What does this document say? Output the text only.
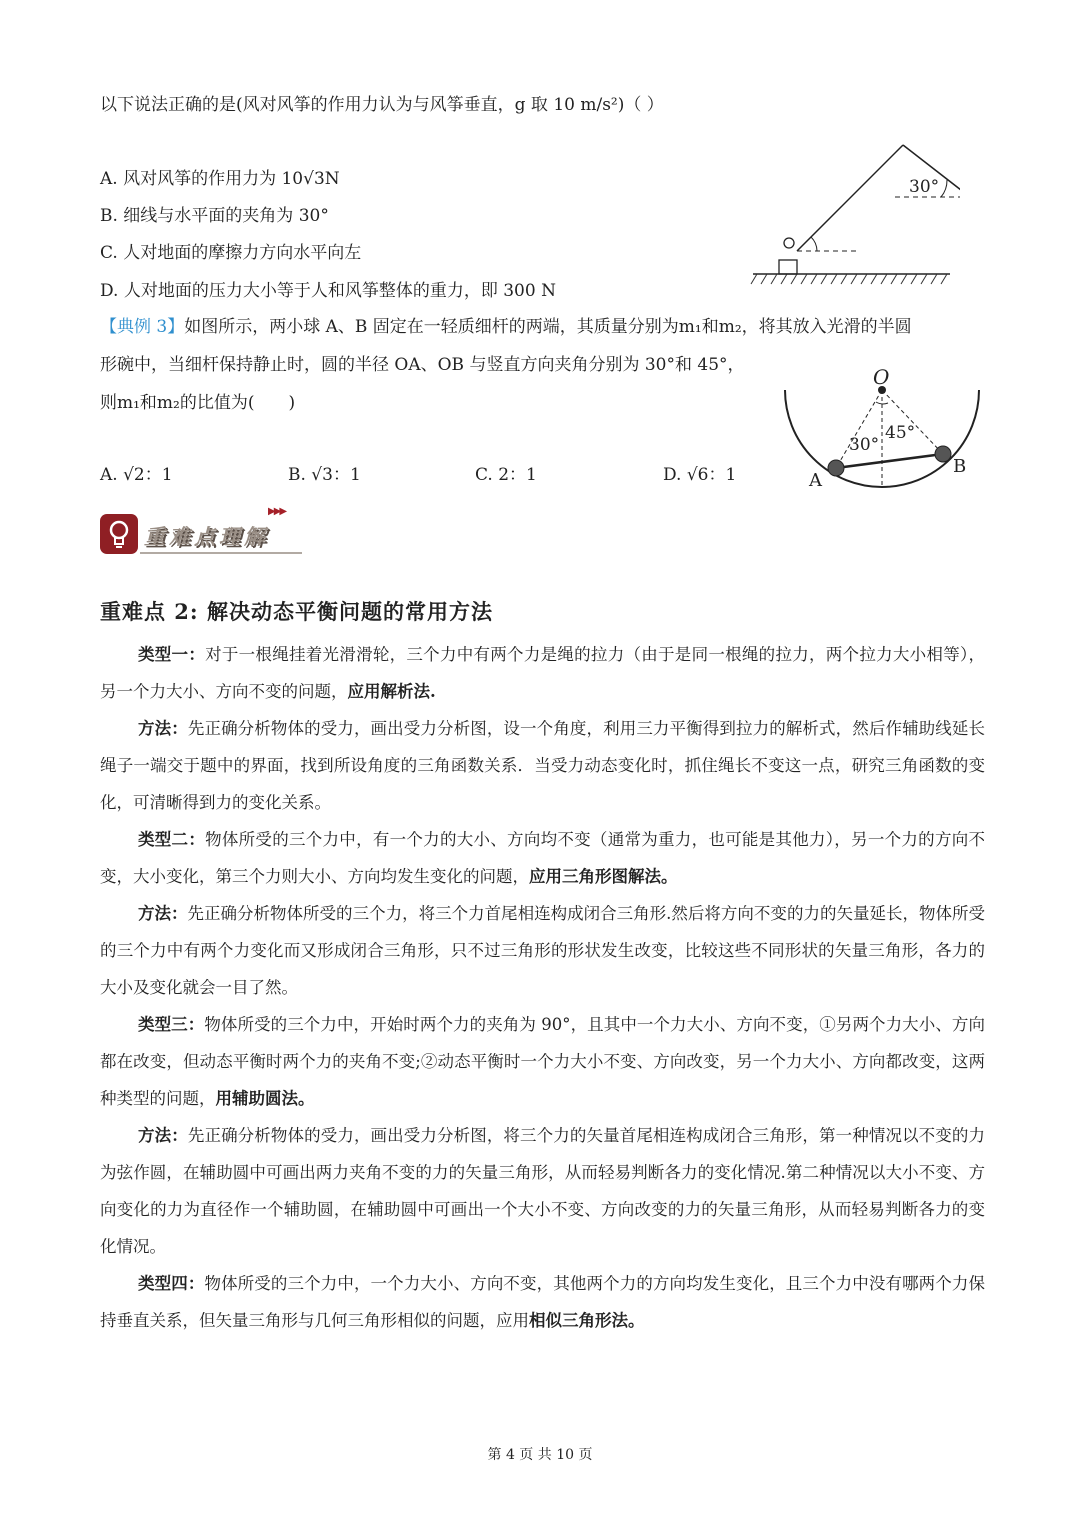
以下说法正确的是(风对风筝的作用力认为与风筝垂直，g 取 10 m/s²)（ ）
A. 风对风筝的作用力为 10√3N
B. 细线与水平面的夹角为 30°
C. 人对地面的摩擦力方向水平向左
D. 人对地面的压力大小等于人和风筝整体的重力，即 300 N
30°
【典例 3】如图所示，两小球 A、B 固定在一轻质细杆的两端，其质量分别为m₁和m₂，将其放入光滑的半圆
形碗中，当细杆保持静止时，圆的半径 OA、OB 与竖直方向夹角分别为 30°和 45°，
则m₁和m₂的比值为(　　)
A. √2：1	B. √3：1	C. 2：1	D. √6：1
O
A
B
30°
45°
▶▶▶
重难点理解
重难点 2: 解决动态平衡问题的常用方法

类型一：对于一根绳挂着光滑滑轮，三个力中有两个力是绳的拉力（由于是同一根绳的拉力，两个拉力大小相等），另一个力大小、方向不变的问题，应用解析法.

方法：先正确分析物体的受力，画出受力分析图，设一个角度，利用三力平衡得到拉力的解析式，然后作辅助线延长绳子一端交于题中的界面，找到所设角度的三角函数关系．当受力动态变化时，抓住绳长不变这一点，研究三角函数的变化，可清晰得到力的变化关系。

类型二：物体所受的三个力中，有一个力的大小、方向均不变（通常为重力，也可能是其他力），另一个力的方向不变，大小变化，第三个力则大小、方向均发生变化的问题，应用三角形图解法。

方法：先正确分析物体所受的三个力，将三个力首尾相连构成闭合三角形.然后将方向不变的力的矢量延长，物体所受的三个力中有两个力变化而又形成闭合三角形，只不过三角形的形状发生改变，比较这些不同形状的矢量三角形，各力的大小及变化就会一目了然。

类型三：物体所受的三个力中，开始时两个力的夹角为 90°，且其中一个力大小、方向不变，①另两个力大小、方向都在改变，但动态平衡时两个力的夹角不变;②动态平衡时一个力大小不变、方向改变，另一个力大小、方向都改变，这两种类型的问题，用辅助圆法。

方法：先正确分析物体的受力，画出受力分析图，将三个力的矢量首尾相连构成闭合三角形，第一种情况以不变的力为弦作圆，在辅助圆中可画出两力夹角不变的力的矢量三角形，从而轻易判断各力的变化情况.第二种情况以大小不变、方向变化的力为直径作一个辅助圆，在辅助圆中可画出一个大小不变、方向改变的力的矢量三角形，从而轻易判断各力的变化情况。

类型四：物体所受的三个力中，一个力大小、方向不变，其他两个力的方向均发生变化，且三个力中没有哪两个力保持垂直关系，但矢量三角形与几何三角形相似的问题，应用相似三角形法。

第 4 页 共 10 页
